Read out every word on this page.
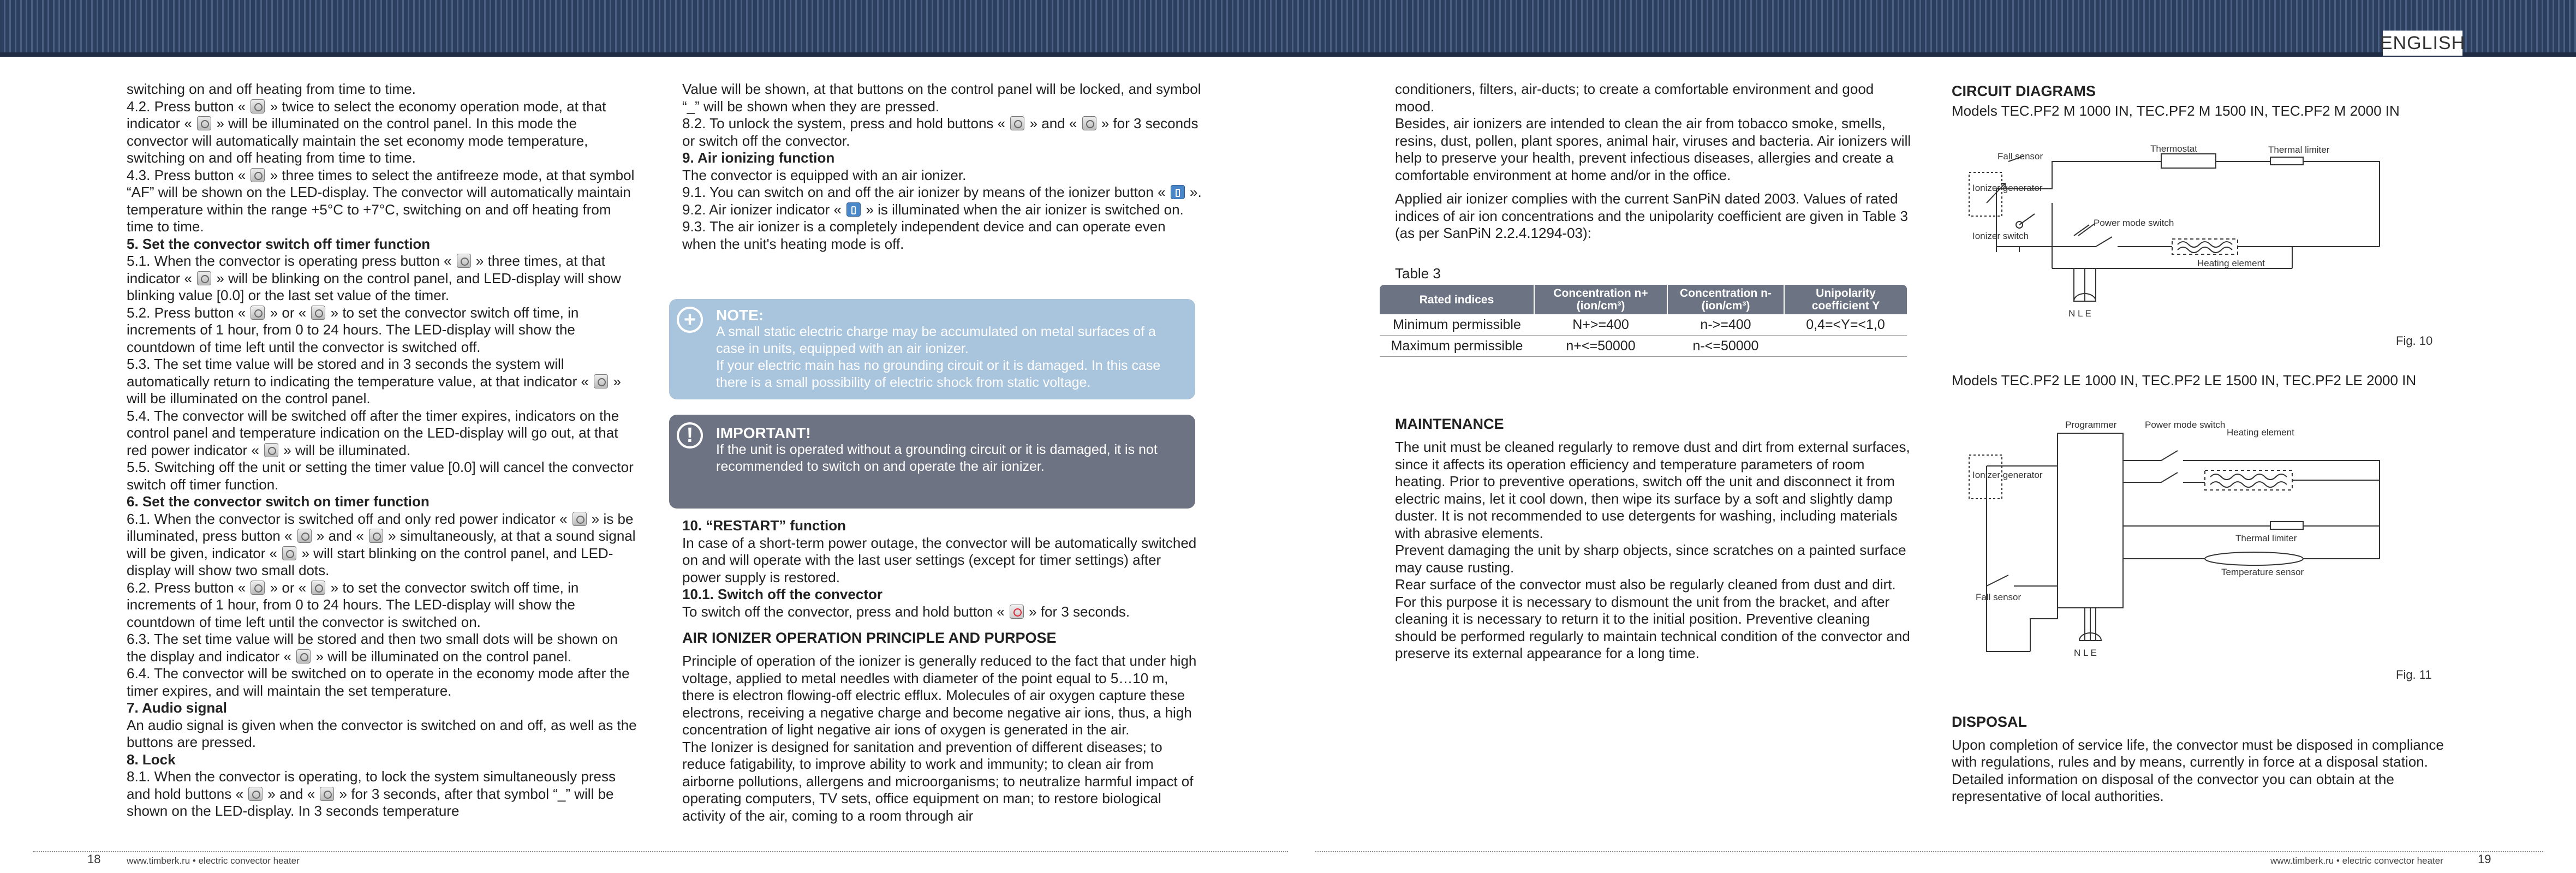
ENGLISH

switching on and off heating from time to time.

4.2. Press button «  » twice to select the economy operation mode, at that indicator «  » will be illuminated on the control panel. In this mode the convector will automatically maintain the set economy mode temperature, switching on and off heating from time to time.

4.3. Press button «  » three times to select the antifreeze mode, at that symbol “AF” will be shown on the LED-display. The convector will automatically maintain temperature within the range +5°C to +7°C, switching on and off heating from time to time.

5. Set the convector switch off timer function

5.1. When the convector is operating press button «  » three times, at that indicator «  » will be blinking on the control panel, and LED-display will show blinking value [0.0] or the last set value of the timer.

5.2. Press button «  » or «  » to set the convector switch off time, in increments of 1 hour, from 0 to 24 hours. The LED-display will show the countdown of time left until the convector is switched off.

5.3. The set time value will be stored and in 3 seconds the system will automatically return to indicating the temperature value, at that indicator «  » will be illuminated on the control panel.

5.4. The convector will be switched off after the timer expires, indicators on the control panel and temperature indication on the LED-display will go out, at that red power indicator «  » will be illuminated.

5.5. Switching off the unit or setting the timer value [0.0] will cancel the convector switch off timer function.

6. Set the convector switch on timer function

6.1. When the convector is switched off and only red power indicator «  » is be illuminated, press button «  » and «  » simultaneously, at that a sound signal will be given, indicator «  » will start blinking on the control panel, and LED-display will show two small dots.

6.2. Press button «  » or «  » to set the convector switch off time, in increments of 1 hour, from 0 to 24 hours. The LED-display will show the countdown of time left until the convector is switched on.

6.3. The set time value will be stored and then two small dots will be shown on the display and indicator «  » will be illuminated on the control panel.

6.4. The convector will be switched on to operate in the economy mode after the timer expires, and will maintain the set temperature.

7. Audio signal

An audio signal is given when the convector is switched on and off, as well as the buttons are pressed.

8. Lock

8.1. When the convector is operating, to lock the system simultaneously press and hold buttons «  » and «  » for 3 seconds, after that symbol “_” will be shown on the LED-display. In 3 seconds temperature

Value will be shown, at that buttons on the control panel will be locked, and symbol “_” will be shown when they are pressed.

8.2. To unlock the system, press and hold buttons «  » and «  » for 3 seconds or switch off the convector.

9. Air ionizing function

The convector is equipped with an air ionizer.

9.1. You can switch on and off the air ionizer by means of the ionizer button «  ».

9.2. Air ionizer indicator «  » is illuminated when the air ionizer is switched on.

9.3. The air ionizer is a completely independent device and can operate even when the unit's heating mode is off.

+	NOTE:
A small static electric charge may be accumulated on metal surfaces of a case in units, equipped with an air ionizer.
If your electric main has no grounding circuit or it is damaged. In this case there is a small possibility of electric shock from static voltage.
!	IMPORTANT!
If the unit is operated without a grounding circuit or it is damaged, it is not recommended to switch on and operate the air ionizer.

10. “RESTART” function

In case of a short-term power outage, the convector will be automatically switched on and will operate with the last user settings (except for timer settings) after power supply is restored.

10.1. Switch off the convector

To switch off the convector, press and hold button «  » for 3 seconds.

AIR IONIZER OPERATION PRINCIPLE AND PURPOSE

Principle of operation of the ionizer is generally reduced to the fact that under high voltage, applied to metal needles with diameter of the point equal to 5…10 m, there is electron flowing-off electric efflux. Molecules of air oxygen capture these electrons, receiving a negative charge and become negative air ions, thus, a high concentration of light negative air ions of oxygen is generated in the air.

The Ionizer is designed for sanitation and prevention of different diseases; to reduce fatigability, to improve ability to work and immunity; to clean air from airborne pollutions, allergens and microorganisms; to neutralize harmful impact of operating computers, TV sets, office equipment on man; to restore biological activity of the air, coming to a room through air

conditioners, filters, air-ducts; to create a comfortable environment and good mood.

Besides, air ionizers are intended to clean the air from tobacco smoke, smells, resins, dust, pollen, plant spores, animal hair, viruses and bacteria. Air ionizers will help to preserve your health, prevent infectious diseases, allergies and create a comfortable environment at home and/or in the office.

Applied air ionizer complies with the current SanPiN dated 2003. Values of rated indices of air ion concentrations and the unipolarity coefficient are given in Table 3 (as per SanPiN 2.2.4.1294-03):

Table 3

Rated indices	Concentration n+ (ion/cm³)	Concentration n- (ion/cm³)	Unipolarity coefficient Y
Minimum permissible	N+>=400	n->=400	0,4=<Y=<1,0
Maximum permissible	n+<=50000	n-<=50000	

MAINTENANCE

The unit must be cleaned regularly to remove dust and dirt from external surfaces, since it affects its operation efficiency and temperature parameters of room heating. Prior to preventive operations, switch off the unit and disconnect it from electric mains, let it cool down, then wipe its surface by a soft and slightly damp duster. It is not recommended to use detergents for washing, including materials with abrasive elements.

Prevent damaging the unit by sharp objects, since scratches on a painted surface may cause rusting.

Rear surface of the convector must also be regularly cleaned from dust and dirt. For this purpose it is necessary to dismount the unit from the bracket, and after cleaning it is necessary to return it to the initial position. Preventive cleaning should be performed regularly to maintain technical condition of the convector and preserve its external appearance for a long time.

CIRCUIT DIAGRAMS

Models TEC.PF2 M 1000 IN, TEC.PF2 M 1500 IN, TEC.PF2 M 2000 IN

Fall sensor
Thermostat	Thermal limiter
Ionizer generator
Ionizer switch
Power mode switch
Heating element
N L E
Fig. 10

Models TEC.PF2 LE 1000 IN, TEC.PF2 LE 1500 IN, TEC.PF2 LE 2000 IN

Programmer	Power mode switch
Heating element
Ionizer generator
Thermal limiter
Temperature sensor
Fall sensor
N L E
Fig. 11

DISPOSAL

Upon completion of service life, the convector must be disposed in compliance with regulations, rules and by means, currently in force at a disposal station. Detailed information on disposal of the convector you can obtain at the representative of local authorities.

18	www.timberk.ru • electric convector heater	www.timberk.ru • electric convector heater	19
